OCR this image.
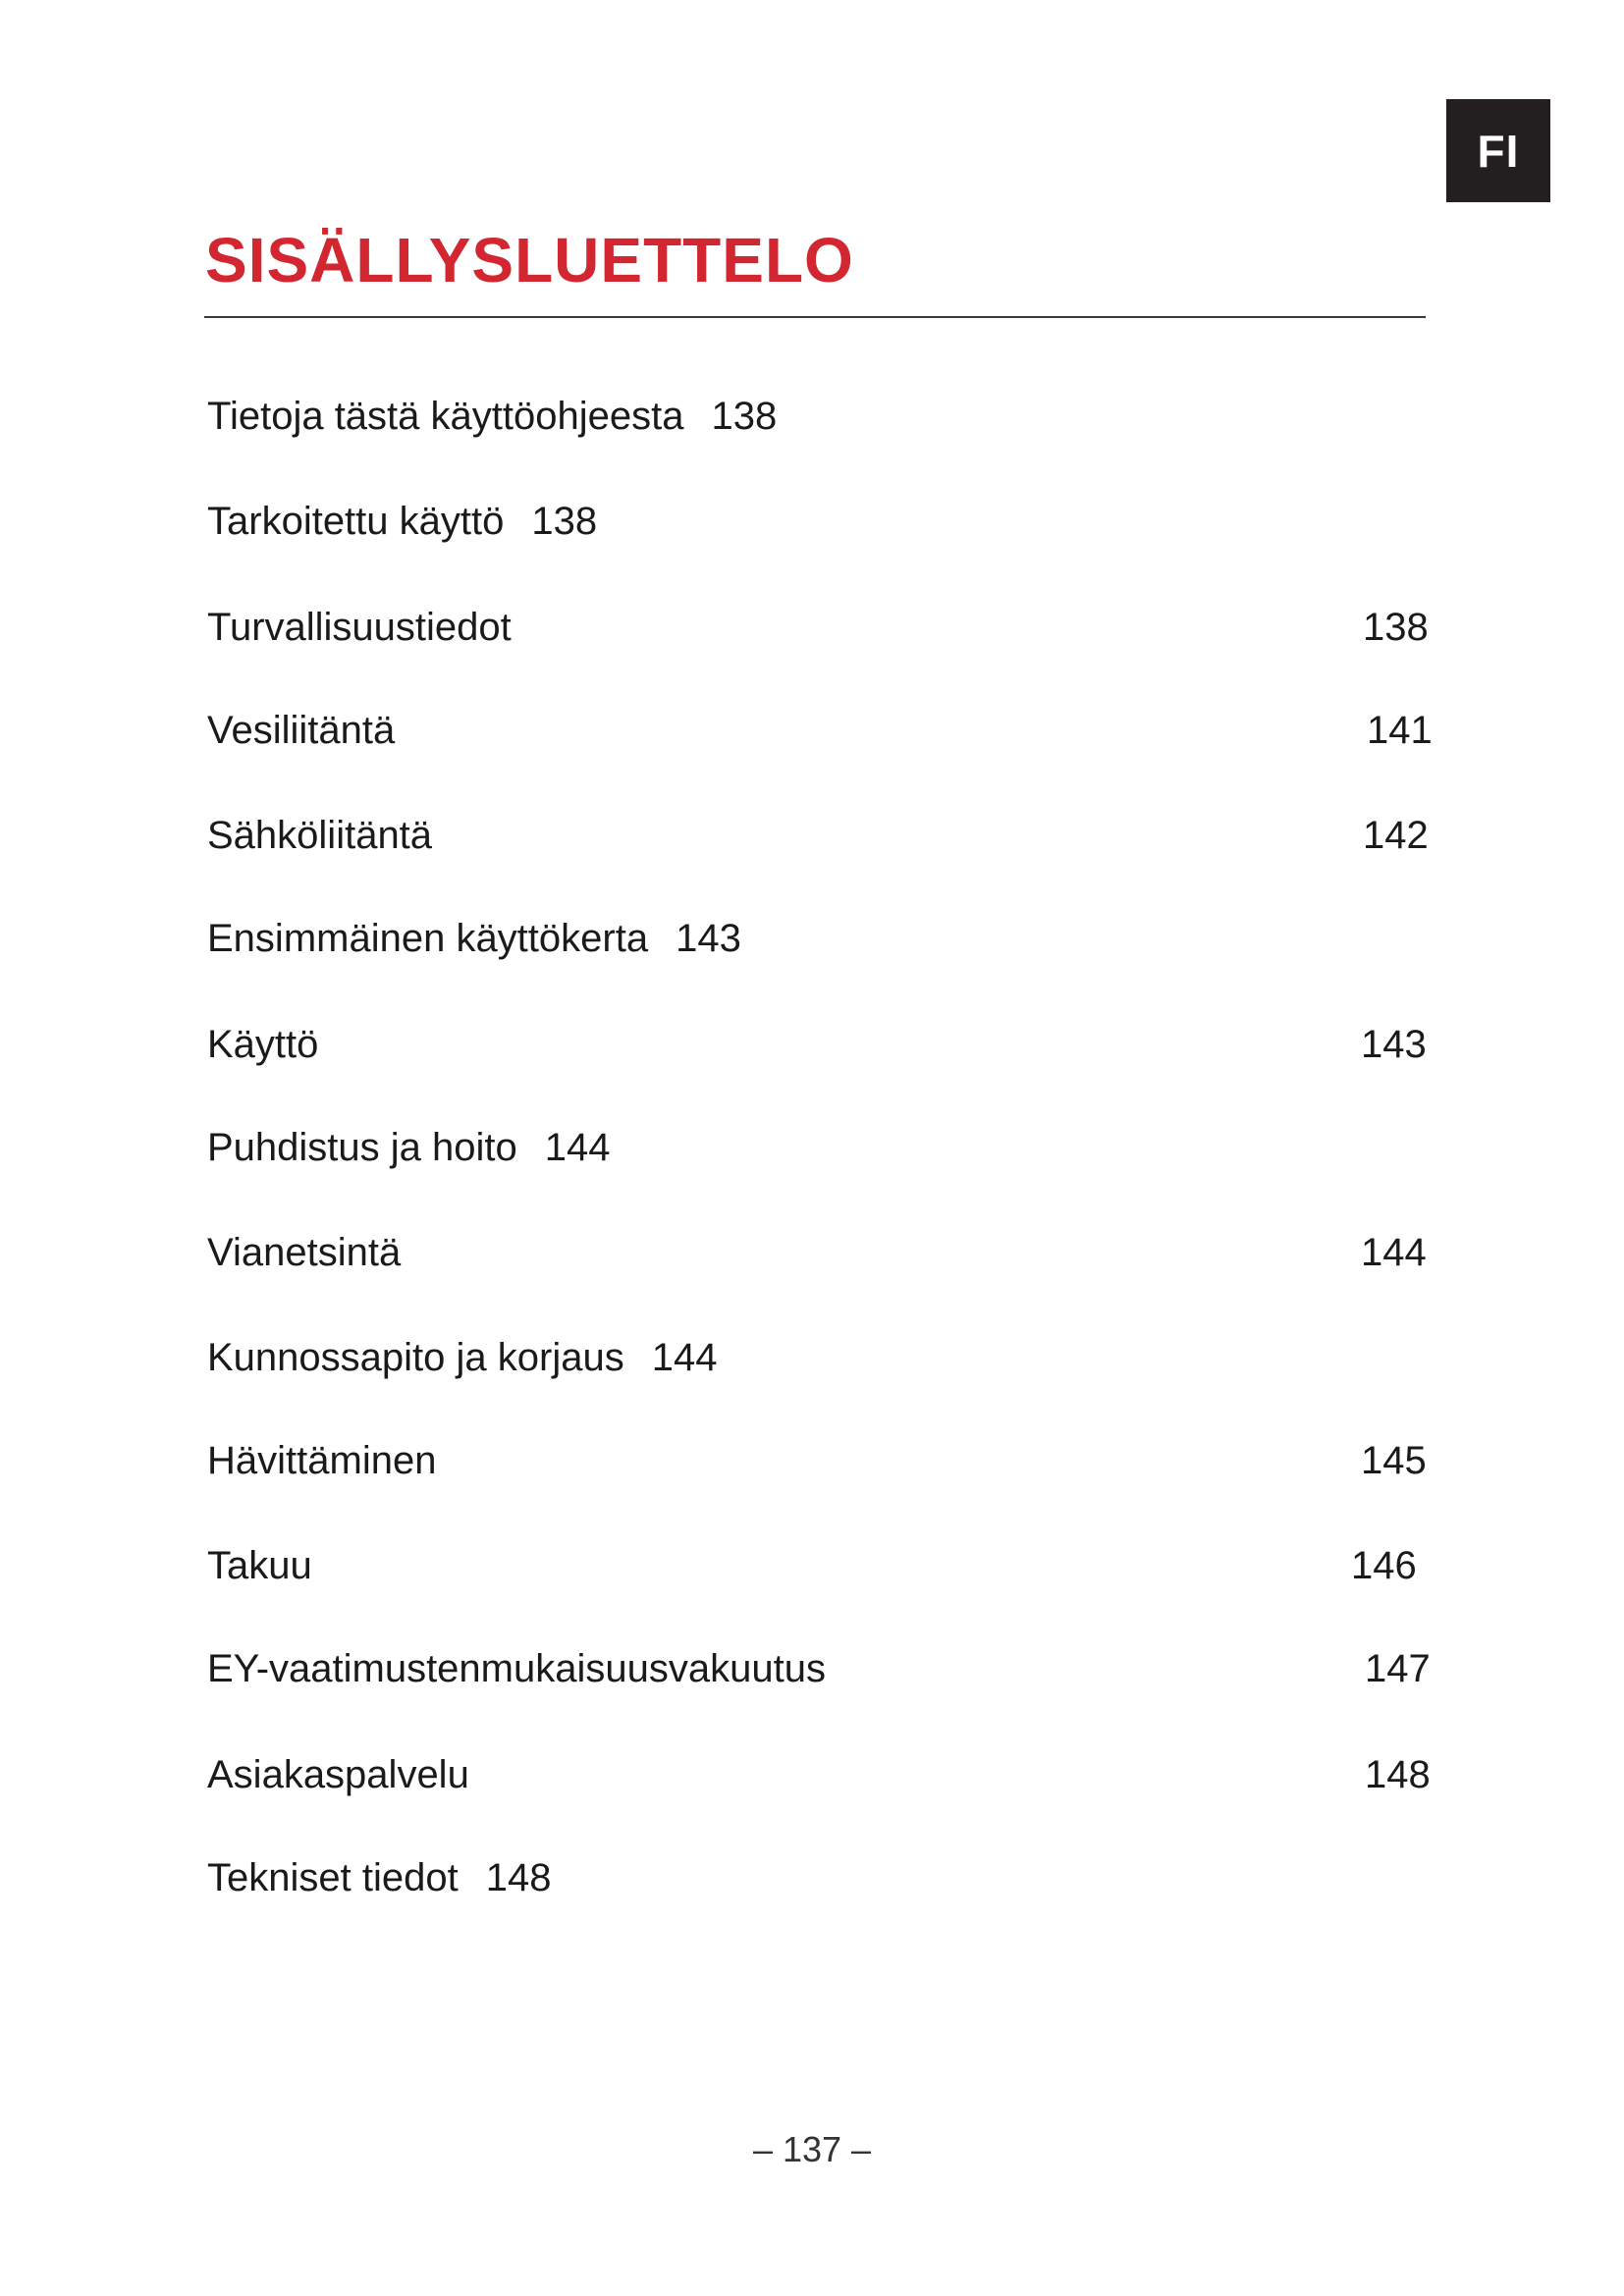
FI
SISÄLLYSLUETTELO
Tietoja tästä käyttöohjeesta 138
Tarkoitettu käyttö 138
Turvallisuustiedot	138
Vesiliitäntä	141
Sähköliitäntä	142
Ensimmäinen käyttökerta 143
Käyttö	143
Puhdistus ja hoito 144
Vianetsintä	144
Kunnossapito ja korjaus 144
Hävittäminen	145
Takuu	146
EY-vaatimustenmukaisuusvakuutus	147
Asiakaspalvelu	148
Tekniset tiedot 148
– 137 –
